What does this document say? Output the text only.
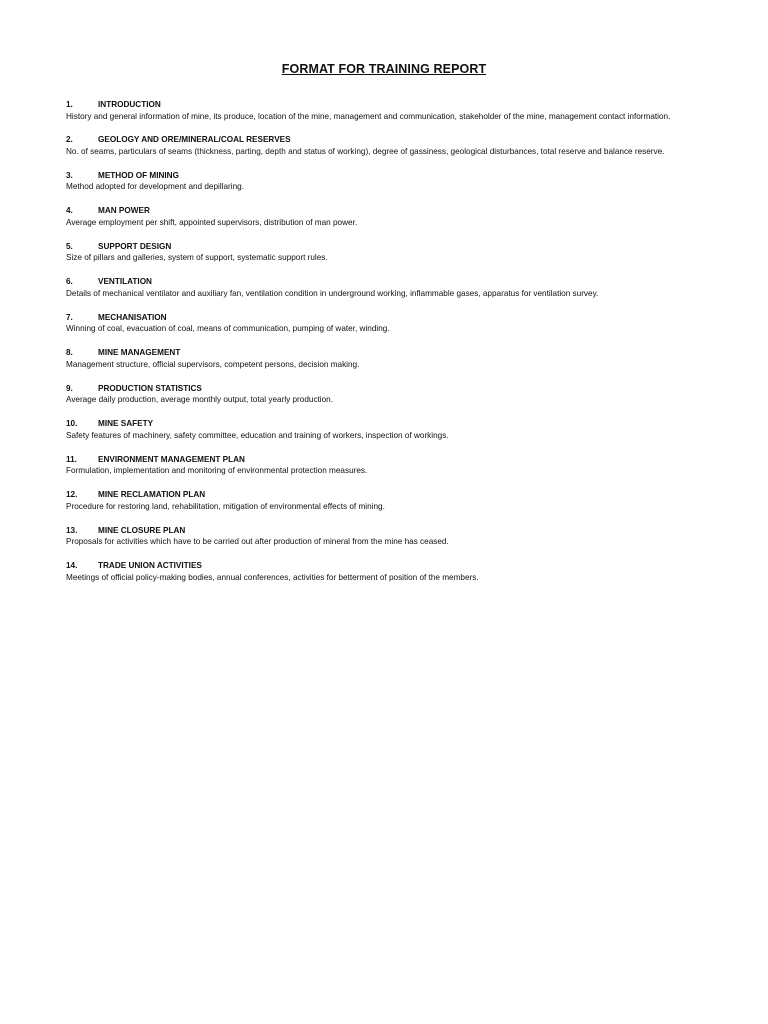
FORMAT FOR TRAINING REPORT
1.	INTRODUCTION
History and general information of mine, its produce, location of the mine, management and communication, stakeholder of the mine, management contact information.
2.	GEOLOGY AND ORE/MINERAL/COAL RESERVES
No. of seams, particulars of seams (thickness, parting, depth and status of working), degree of gassiness, geological disturbances, total reserve and balance reserve.
3.	METHOD OF MINING
Method adopted for development and depillaring.
4.	MAN POWER
Average employment per shift, appointed supervisors, distribution of man power.
5.	SUPPORT DESIGN
Size of pillars and galleries, system of support, systematic support rules.
6.	VENTILATION
Details of mechanical ventilator and auxiliary fan, ventilation condition in underground working, inflammable gases, apparatus for ventilation survey.
7.	MECHANISATION
Winning of coal, evacuation of coal, means of communication, pumping of water, winding.
8.	MINE MANAGEMENT
Management structure, official supervisors, competent persons, decision making.
9.	PRODUCTION STATISTICS
Average daily production, average monthly output, total yearly production.
10.	MINE SAFETY
Safety features of machinery, safety committee, education and training of workers, inspection of workings.
11.	ENVIRONMENT MANAGEMENT PLAN
Formulation, implementation and monitoring of environmental protection measures.
12.	MINE RECLAMATION PLAN
Procedure for restoring land, rehabilitation, mitigation of environmental effects of mining.
13.	MINE CLOSURE PLAN
Proposals for activities which have to be carried out after production of mineral from the mine has ceased.
14.	TRADE UNION ACTIVITIES
Meetings of official policy-making bodies, annual conferences, activities for betterment of position of the members.
